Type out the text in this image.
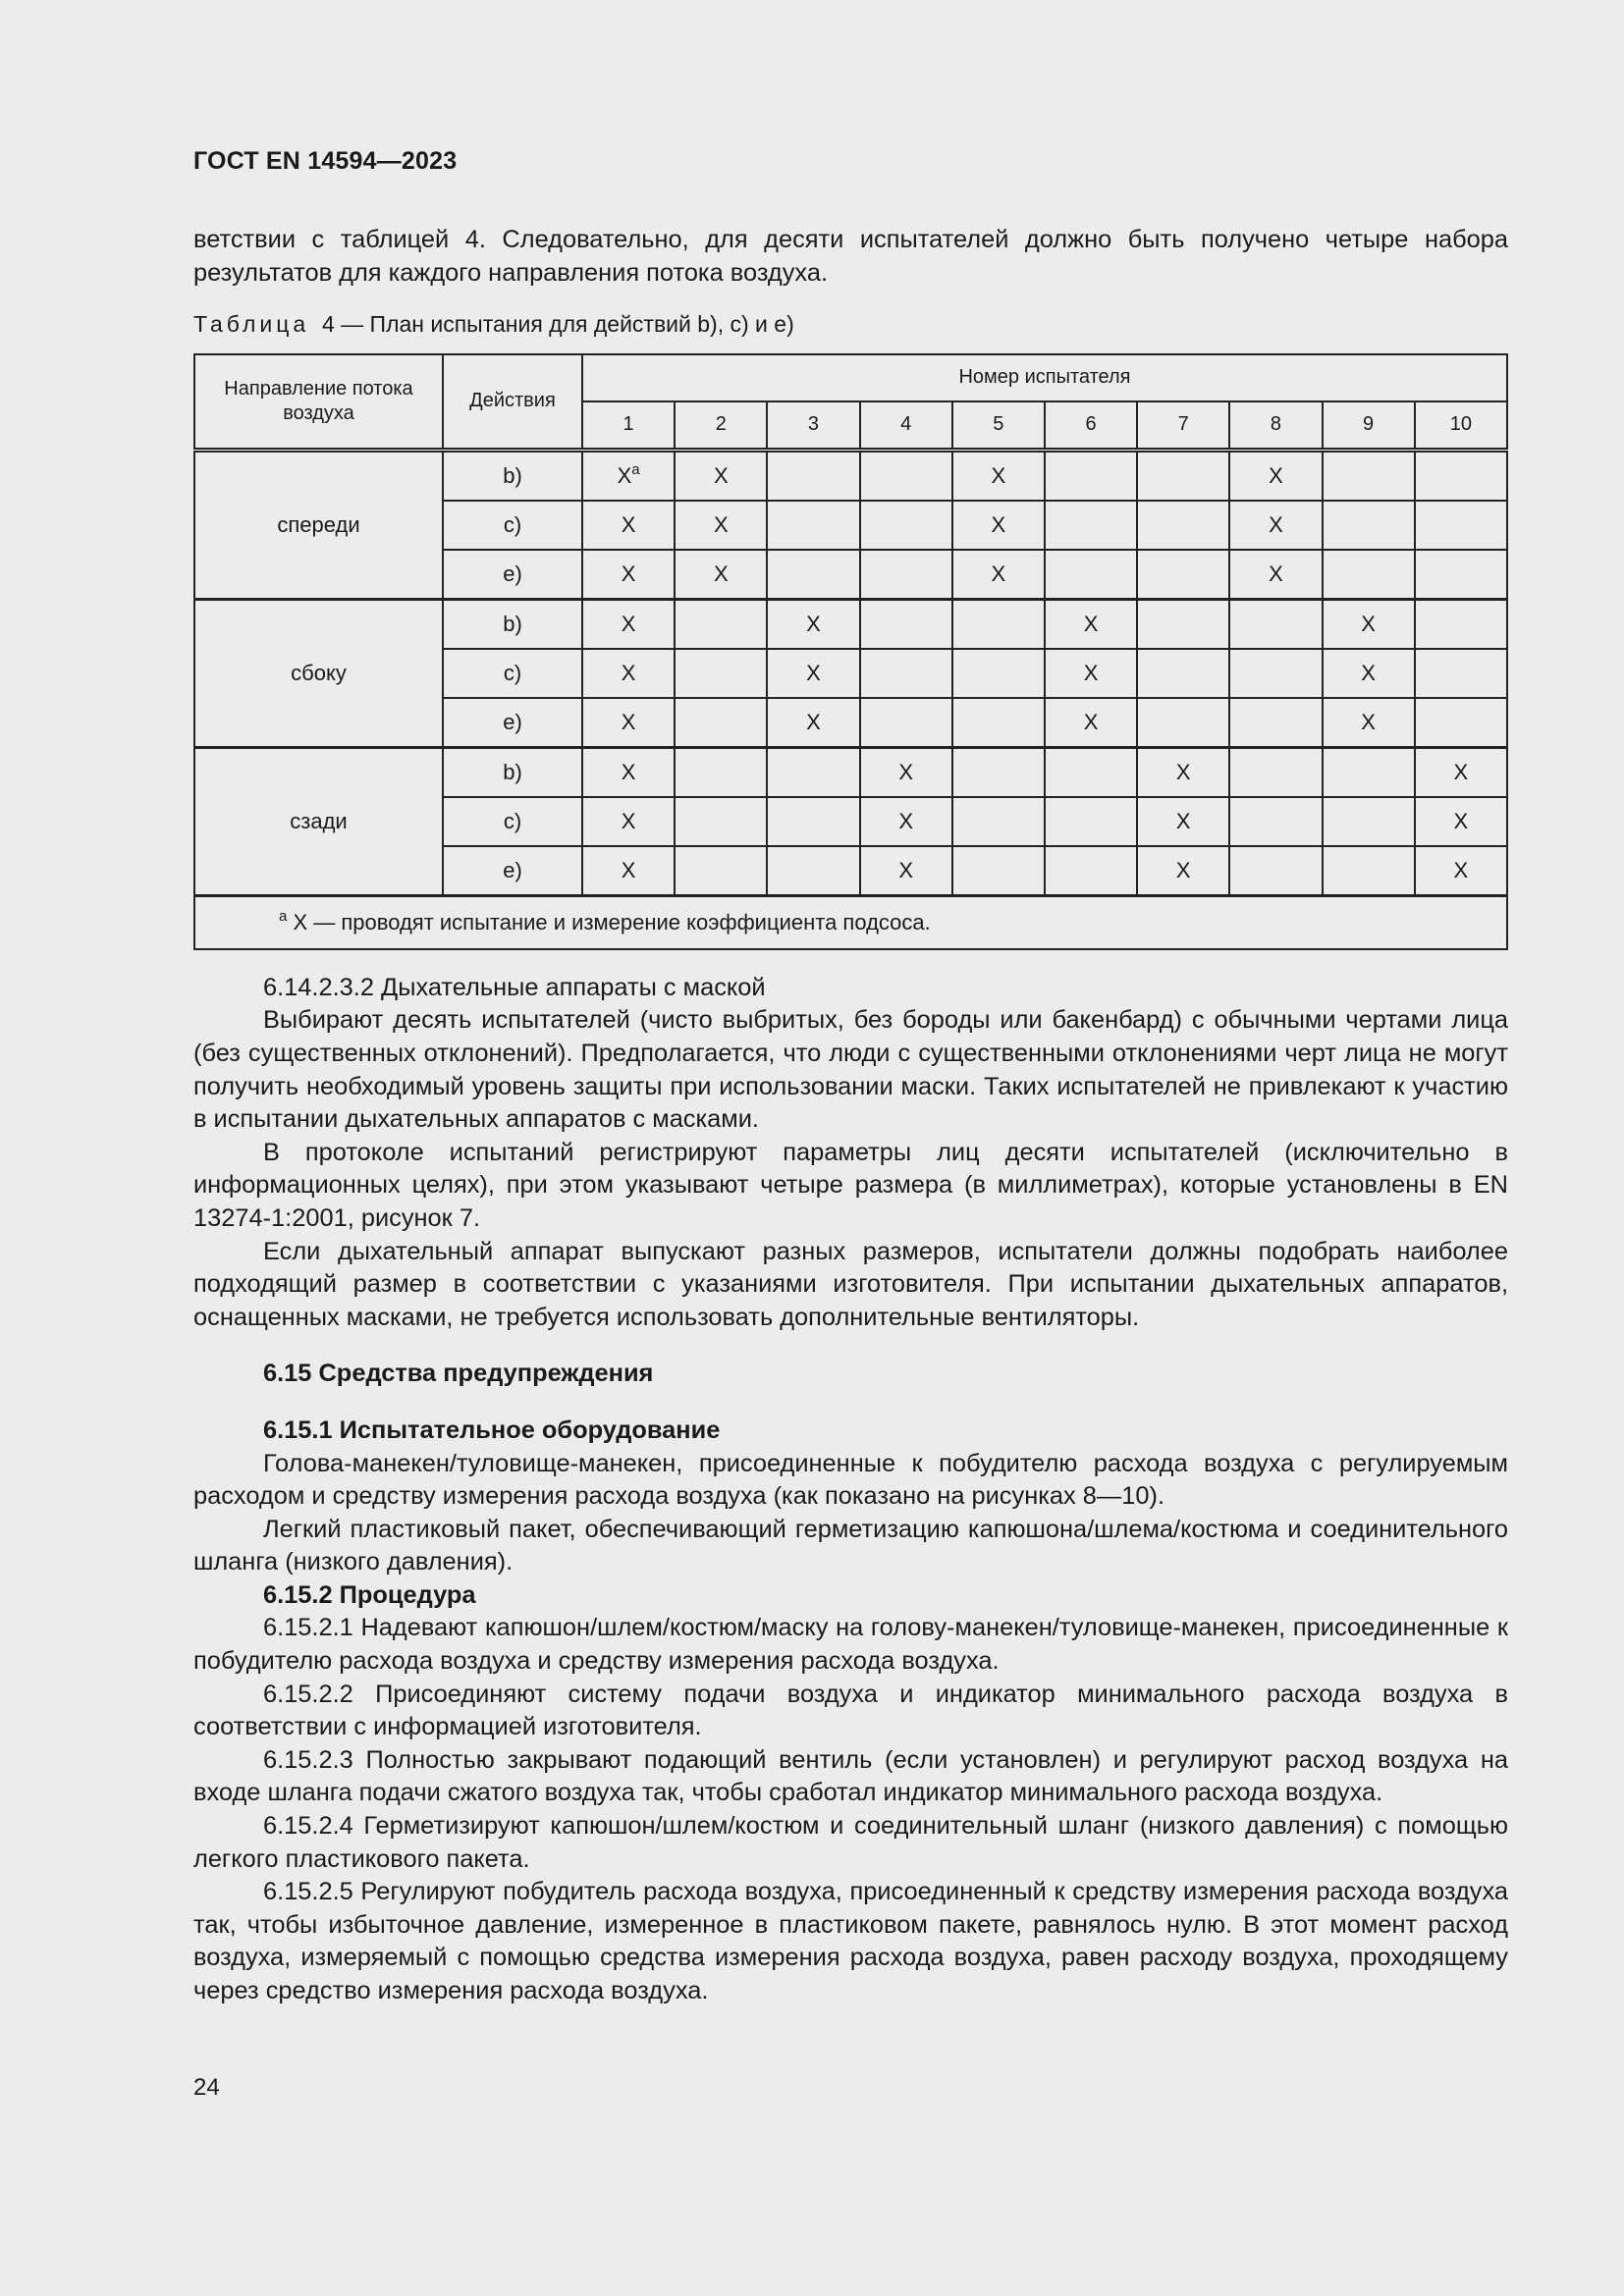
ГОСТ EN 14594—2023

ветствии с таблицей 4. Следовательно, для десяти испытателей должно быть получено четыре набора результатов для каждого направления потока воздуха.

Таблица 4 — План испытания для действий b), c) и e)

Направление потока воздуха	Действия	Номер испытателя									
		1	2	3	4	5	6	7	8	9	10
спереди	b)	$X^a$	X			X			X		
	c)	X	X			X			X		
	e)	X	X			X			X		
сбоку	b)	X		X			X			X	
	c)	X		X			X			X	
	e)	X		X			X			X	
сзади	b)	X			X			X			X
	c)	X			X			X			X
	e)	X			X			X			X
$^a$ X — проводят испытание и измерение коэффициента подсоса.											

6.14.2.3.2 Дыхательные аппараты с маской

Выбирают десять испытателей (чисто выбритых, без бороды или бакенбард) с обычными чертами лица (без существенных отклонений). Предполагается, что люди с существенными отклонениями черт лица не могут получить необходимый уровень защиты при использовании маски. Таких испытателей не привлекают к участию в испытании дыхательных аппаратов с масками.

В протоколе испытаний регистрируют параметры лиц десяти испытателей (исключительно в информационных целях), при этом указывают четыре размера (в миллиметрах), которые установлены в EN 13274-1:2001, рисунок 7.

Если дыхательный аппарат выпускают разных размеров, испытатели должны подобрать наиболее подходящий размер в соответствии с указаниями изготовителя. При испытании дыхательных аппаратов, оснащенных масками, не требуется использовать дополнительные вентиляторы.

6.15 Средства предупреждения

6.15.1 Испытательное оборудование

Голова-манекен/туловище-манекен, присоединенные к побудителю расхода воздуха с регулируемым расходом и средству измерения расхода воздуха (как показано на рисунках 8—10).

Легкий пластиковый пакет, обеспечивающий герметизацию капюшона/шлема/костюма и соединительного шланга (низкого давления).

6.15.2 Процедура

6.15.2.1 Надевают капюшон/шлем/костюм/маску на голову-манекен/туловище-манекен, присоединенные к побудителю расхода воздуха и средству измерения расхода воздуха.

6.15.2.2 Присоединяют систему подачи воздуха и индикатор минимального расхода воздуха в соответствии с информацией изготовителя.

6.15.2.3 Полностью закрывают подающий вентиль (если установлен) и регулируют расход воздуха на входе шланга подачи сжатого воздуха так, чтобы сработал индикатор минимального расхода воздуха.

6.15.2.4 Герметизируют капюшон/шлем/костюм и соединительный шланг (низкого давления) с помощью легкого пластикового пакета.

6.15.2.5 Регулируют побудитель расхода воздуха, присоединенный к средству измерения расхода воздуха так, чтобы избыточное давление, измеренное в пластиковом пакете, равнялось нулю. В этот момент расход воздуха, измеряемый с помощью средства измерения расхода воздуха, равен расходу воздуха, проходящему через средство измерения расхода воздуха.

24
